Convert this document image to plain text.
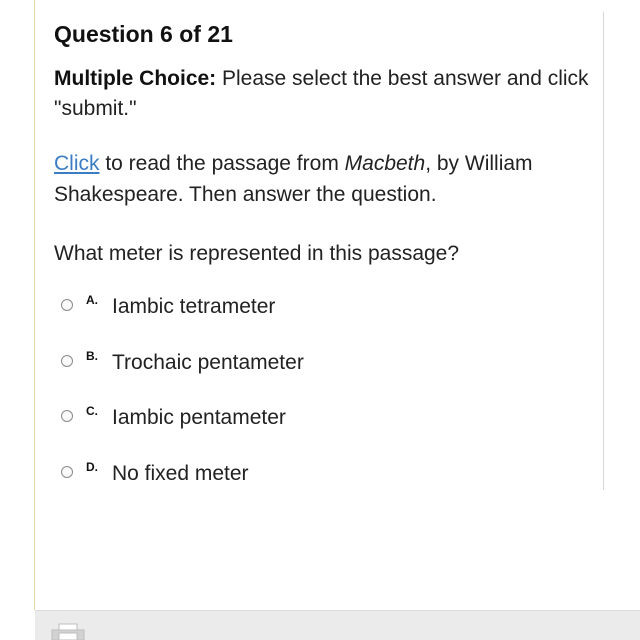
Question 6 of 21
Multiple Choice: Please select the best answer and click "submit."
Click to read the passage from Macbeth, by William Shakespeare. Then answer the question.
What meter is represented in this passage?
A. Iambic tetrameter
B. Trochaic pentameter
C. Iambic pentameter
D. No fixed meter
